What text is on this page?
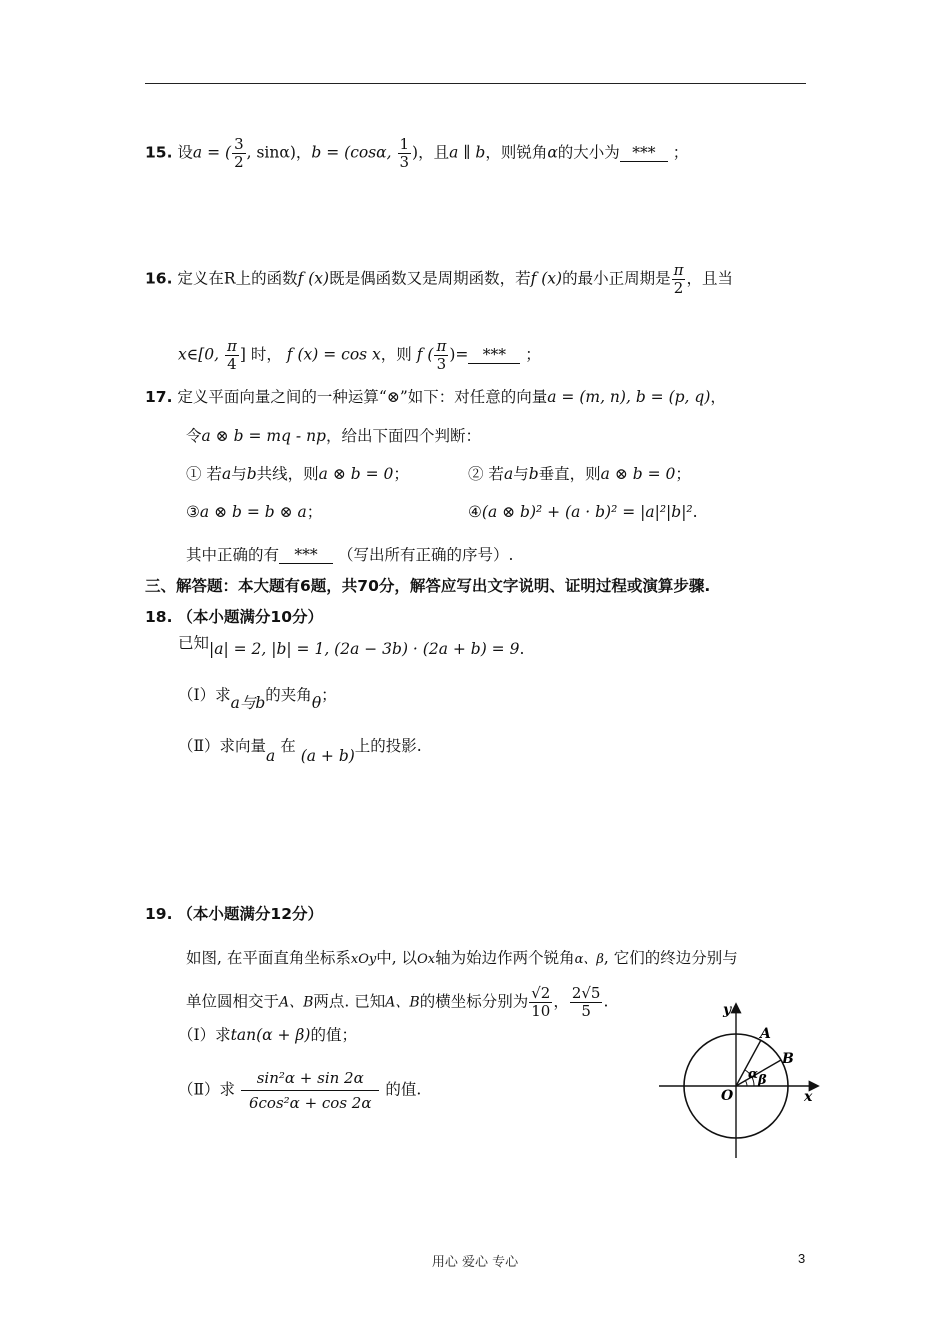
15. 设a = ( $\frac{3}{2}$ , sinα)，b = (cosα, $\frac{1}{3}$ )，且a ∥ b，则锐角α的大小为 *** ；
16. 定义在R上的函数f (x)既是偶函数又是周期函数，若f (x)的最小正周期是 $\frac{\pi}{2}$ ，且当
x∈[0, $\frac{\pi}{4}$ ] 时， f (x) = cos x，则 f ( $\frac{\pi}{3}$ )= *** ；
17. 定义平面向量之间的一种运算“⊗”如下：对任意的向量a = (m, n), b = (p, q)，
令a ⊗ b = mq - np，给出下面四个判断：
① 若a与b共线，则a ⊗ b = 0；	② 若a与b垂直，则a ⊗ b = 0；
③a ⊗ b = b ⊗ a；	④(a ⊗ b)² + (a · b)² = |a|²|b|².
其中正确的有 *** （写出所有正确的序号）.
三、解答题：本大题有6题，共70分，解答应写出文字说明、证明过程或演算步骤.
18. （本小题满分10分）
已知|a| = 2, |b| = 1, (2a − 3b) · (2a + b) = 9.
（Ⅰ）求a与b的夹角θ；
（Ⅱ）求向量a 在 (a + b)上的投影.
19. （本小题满分12分）
如图, 在平面直角坐标系xOy中, 以Ox轴为始边作两个锐角α、β, 它们的终边分别与
单位圆相交于A、B两点. 已知A、B的横坐标分别为 $\frac{√2}{10}$ ， $\frac{2√5}{5}$ .
（Ⅰ）求tan(α + β)的值；
（Ⅱ）求 $\frac{\text{sin²α + sin 2α}}{\text{6cos²α + cos 2α}}$ 的值.
y
x
O
A
B
α β
用心 爱心 专心	3
